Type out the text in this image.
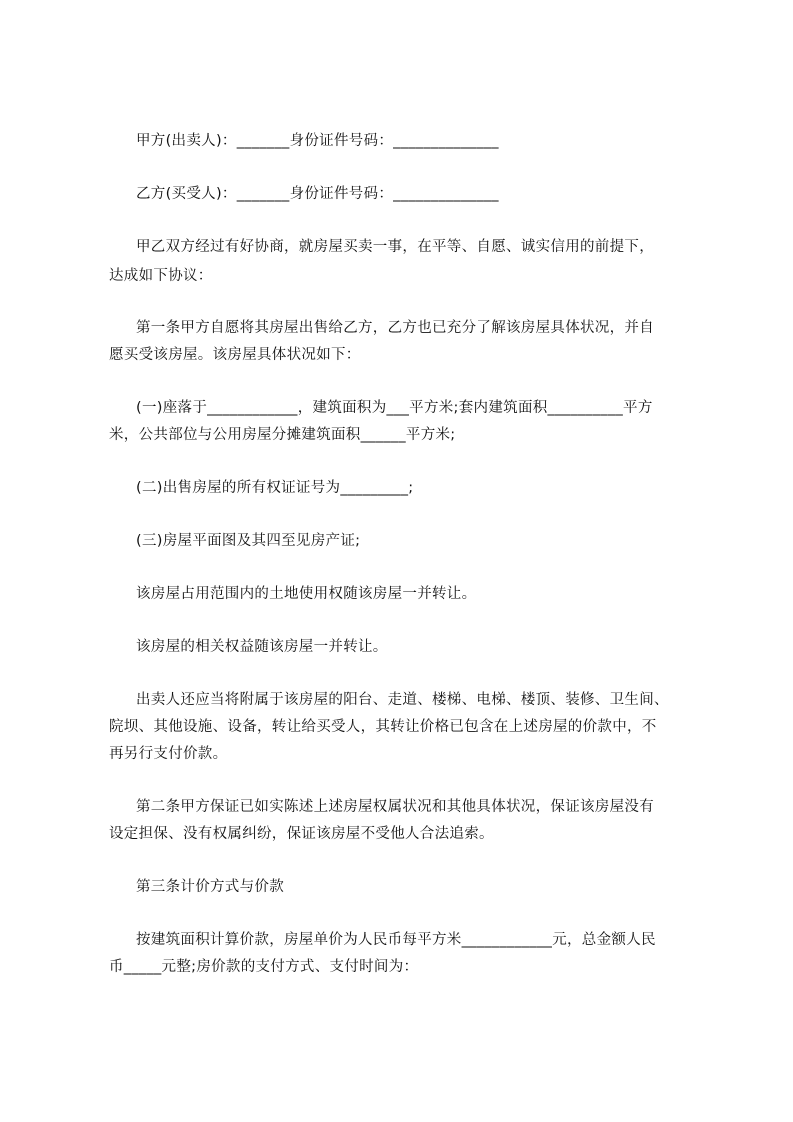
甲方(出卖人)：_______身份证件号码：______________
乙方(买受人)：_______身份证件号码：______________
甲乙双方经过有好协商，就房屋买卖一事，在平等、自愿、诚实信用的前提下，
达成如下协议：
第一条甲方自愿将其房屋出售给乙方，乙方也已充分了解该房屋具体状况，并自
愿买受该房屋。该房屋具体状况如下：
(一)座落于____________，建筑面积为___平方米;套内建筑面积__________平方
米，公共部位与公用房屋分摊建筑面积______平方米;
(二)出售房屋的所有权证证号为_________;
(三)房屋平面图及其四至见房产证;
该房屋占用范围内的土地使用权随该房屋一并转让。
该房屋的相关权益随该房屋一并转让。
出卖人还应当将附属于该房屋的阳台、走道、楼梯、电梯、楼顶、装修、卫生间、
院坝、其他设施、设备，转让给买受人，其转让价格已包含在上述房屋的价款中，不
再另行支付价款。
第二条甲方保证已如实陈述上述房屋权属状况和其他具体状况，保证该房屋没有
设定担保、没有权属纠纷，保证该房屋不受他人合法追索。
第三条计价方式与价款
按建筑面积计算价款，房屋单价为人民币每平方米____________元，总金额人民
币_____元整;房价款的支付方式、支付时间为：
